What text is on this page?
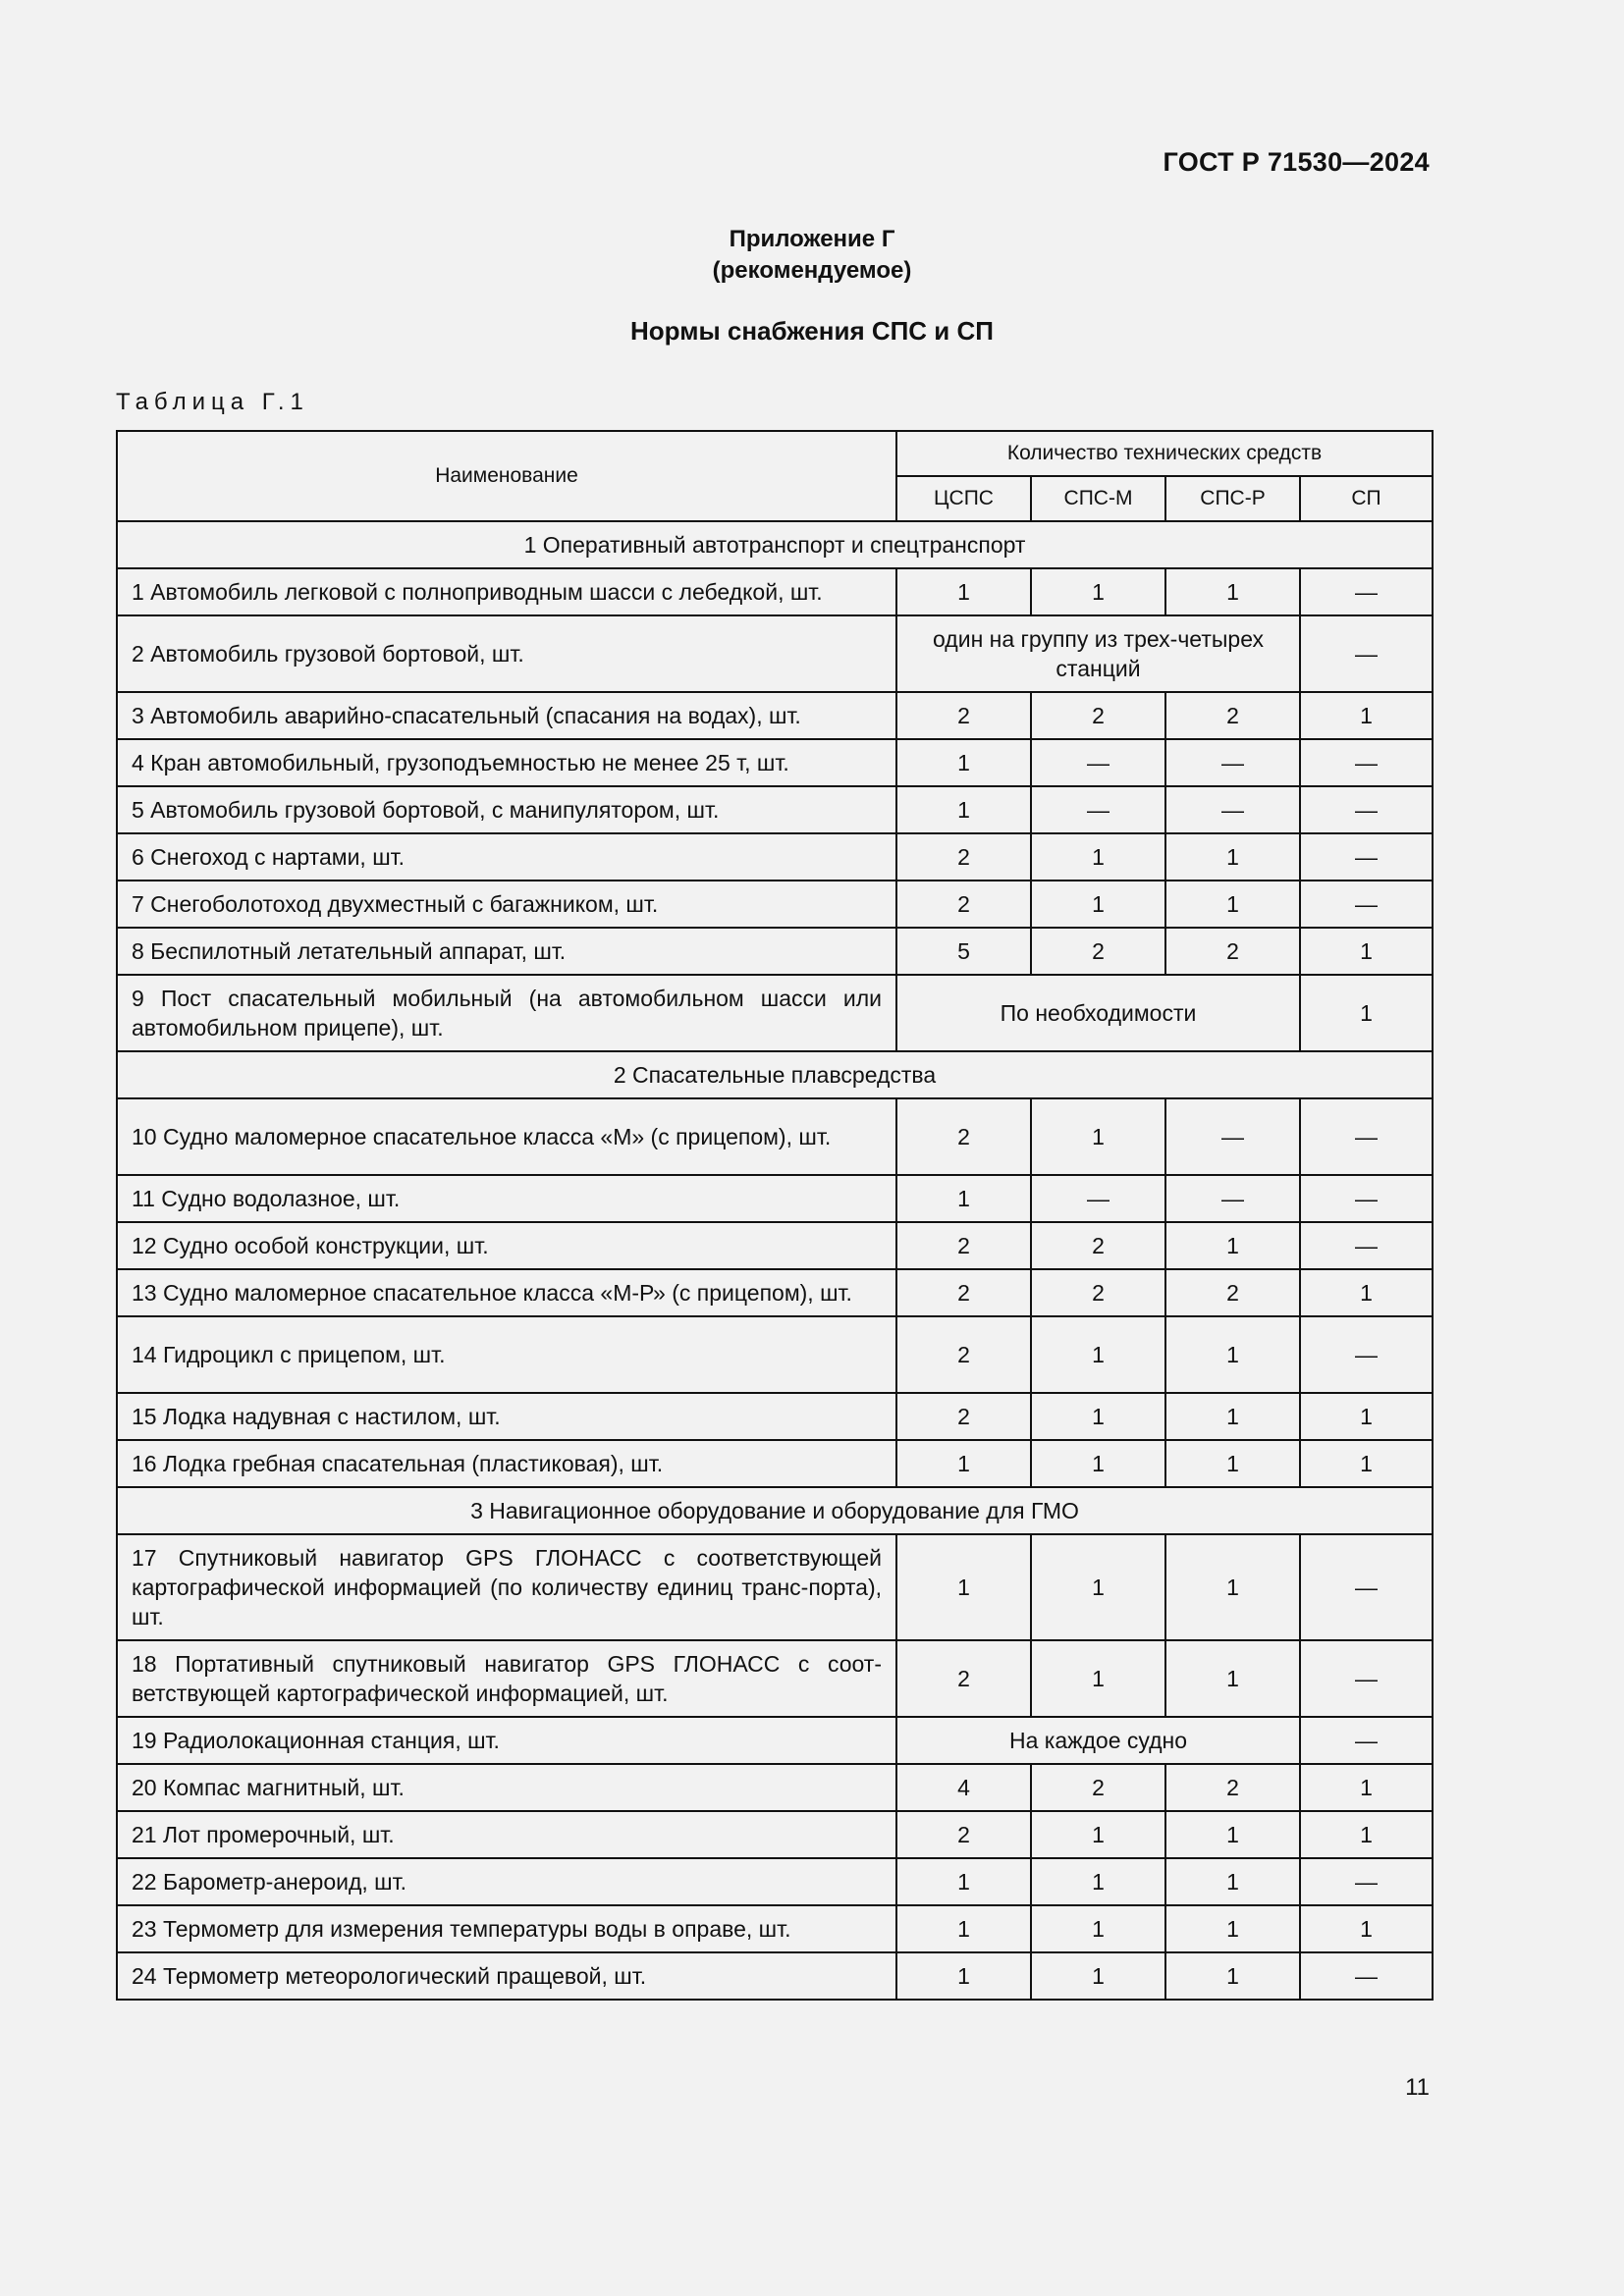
ГОСТ Р 71530—2024
Приложение Г
(рекомендуемое)
Нормы снабжения СПС и СП
Таблица Г.1
Наименование	Количество технических средств			
	ЦСПС	СПС-М	СПС-Р	СП
1 Оперативный автотранспорт и спецтранспорт				
1 Автомобиль легковой с полноприводным шасси с лебедкой, шт.	1	1	1	—
2 Автомобиль грузовой бортовой, шт.	один на группу из трех-четырех станций			—
3 Автомобиль аварийно-спасательный (спасания на водах), шт.	2	2	2	1
4 Кран автомобильный, грузоподъемностью не менее 25 т, шт.	1	—	—	—
5 Автомобиль грузовой бортовой, с манипулятором, шт.	1	—	—	—
6 Снегоход с нартами, шт.	2	1	1	—
7 Снегоболотоход двухместный с багажником, шт.	2	1	1	—
8 Беспилотный летательный аппарат, шт.	5	2	2	1
9 Пост спасательный мобильный (на автомобильном шасси или автомобильном прицепе), шт.	По необходимости			1
2 Спасательные плавсредства				
10 Судно маломерное спасательное класса «М» (с прицепом), шт.	2	1	—	—
11 Судно водолазное, шт.	1	—	—	—
12 Судно особой конструкции, шт.	2	2	1	—
13 Судно маломерное спасательное класса «М-Р» (с прицепом), шт.	2	2	2	1
14 Гидроцикл с прицепом, шт.	2	1	1	—
15 Лодка надувная с настилом, шт.	2	1	1	1
16 Лодка гребная спасательная (пластиковая), шт.	1	1	1	1
3 Навигационное оборудование и оборудование для ГМО				
17 Спутниковый навигатор GPS ГЛОНАСС с соответствующей картографической информацией (по количеству единиц транс-порта), шт.	1	1	1	—
18 Портативный спутниковый навигатор GPS ГЛОНАСС с соот-ветствующей картографической информацией, шт.	2	1	1	—
19 Радиолокационная станция, шт.	На каждое судно			—
20 Компас магнитный, шт.	4	2	2	1
21 Лот промерочный, шт.	2	1	1	1
22 Барометр-анероид, шт.	1	1	1	—
23 Термометр для измерения температуры воды в оправе, шт.	1	1	1	1
24 Термометр метеорологический пращевой, шт.	1	1	1	—
11
